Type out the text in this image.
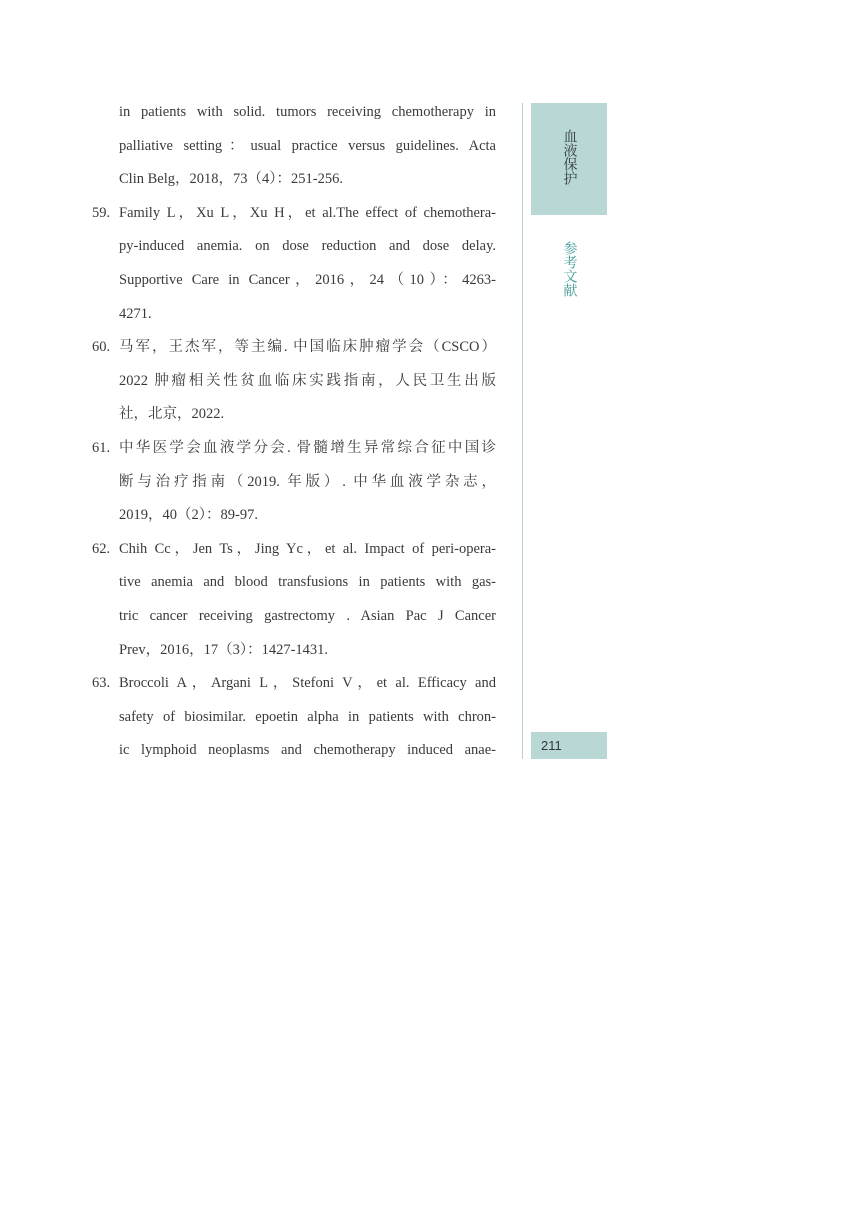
in patients with solid. tumors receiving chemotherapy in
palliative setting：usual practice versus guidelines. Acta
Clin Belg，2018，73（4）：251-256.
59. Family L，Xu L，Xu H，et al.The effect of chemothera-
py-induced anemia. on dose reduction and dose delay.
Supportive Care in Cancer，2016，24（10）：4263-
4271.
60. 马军，王杰军，等主编. 中国临床肿瘤学会（CSCO）
2022 肿瘤相关性贫血临床实践指南，人民卫生出版
社，北京，2022.
61. 中华医学会血液学分会. 骨髓增生异常综合征中国诊
断与治疗指南（2019. 年版）. 中华血液学杂志，
2019，40（2）：89-97.
62. Chih Cc，Jen Ts，Jing Yc，et al. Impact of peri-opera-
tive anemia and blood transfusions in patients with gas-
tric cancer receiving gastrectomy . Asian Pac J Cancer
Prev，2016，17（3）：1427-1431.
63. Broccoli A，Argani L，Stefoni V，et al. Efficacy and
safety of biosimilar. epoetin alpha in patients with chron-
ic lymphoid neoplasms and chemotherapy induced anae-
血液保护
参考文献
211
